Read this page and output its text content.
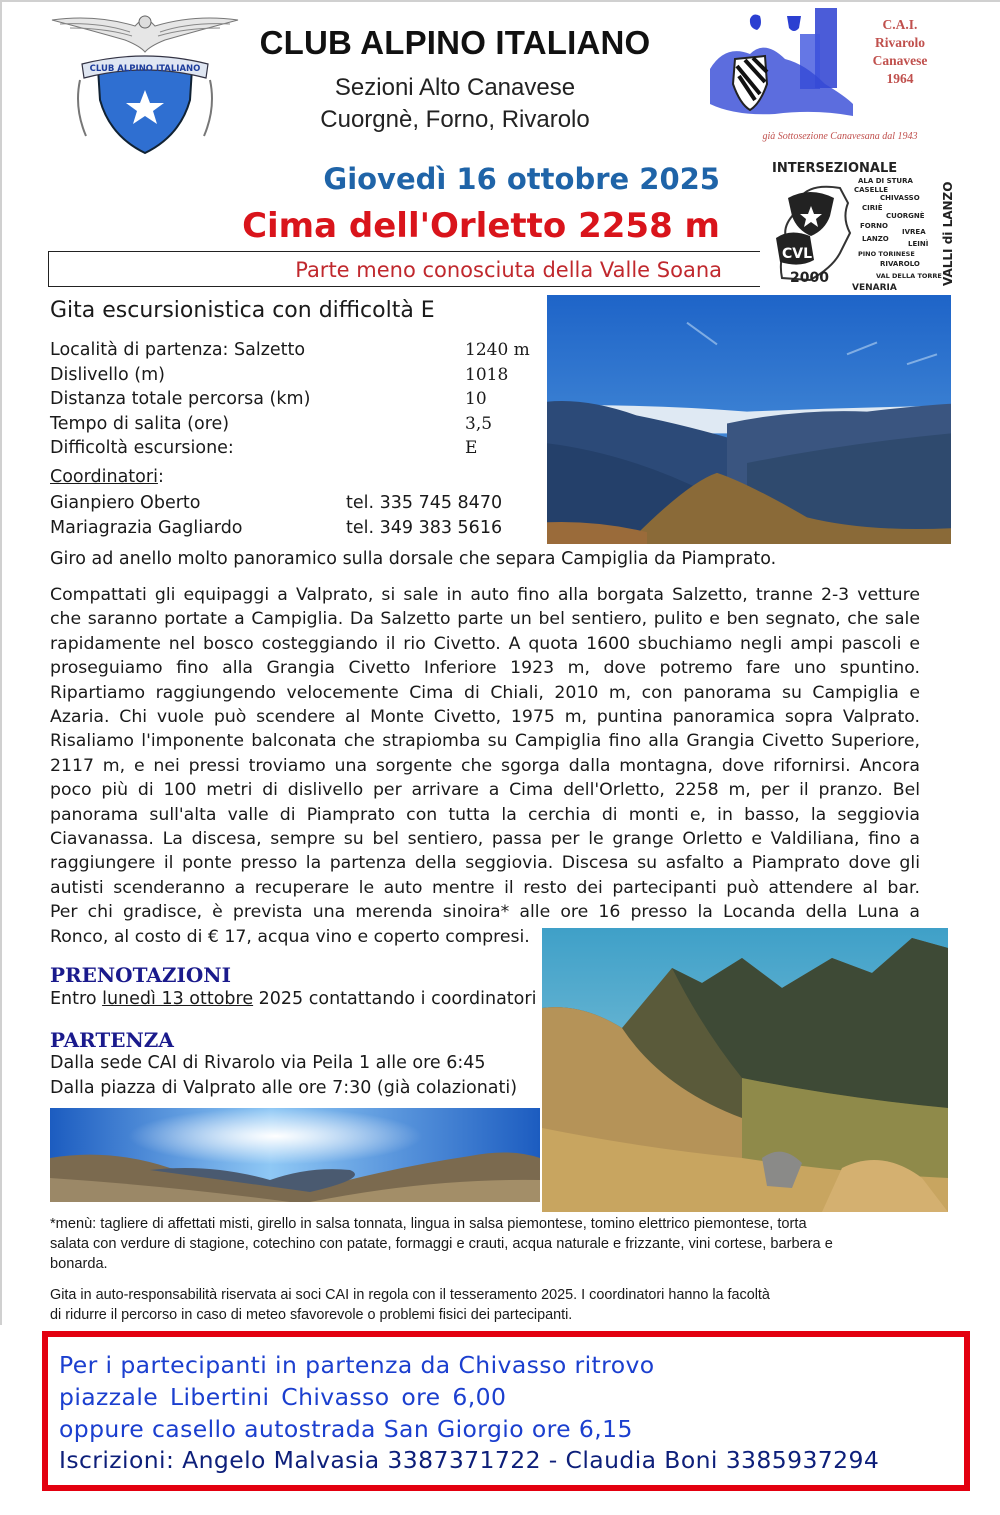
CLUB ALPINO ITALIANO
CLUB ALPINO ITALIANO
Sezioni Alto Canavese
Cuorgnè, Forno, Rivarolo
C.A.I.
Rivarolo
Canavese
1964
già Sottosezione Canavesana dal 1943
Giovedì 16 ottobre 2025
Cima dell'Orletto 2258 m
Parte meno conosciuta della Valle Soana
INTERSEZIONALE
CVL
2000
ALA DI STURA
CASELLE
CHIVASSO
CIRIÈ
CUORGNÈ
FORNO
IVREA
LANZO
LEINÌ
PINO TORINESE
RIVAROLO
VAL DELLA TORRE VALLI di LANZO
VENARIA
Gita escursionistica con difficoltà E
Località di partenza: Salzetto	1240 m
Dislivello (m)	1018
Distanza totale percorsa (km)	10
Tempo di salita (ore)	3,5
Difficoltà escursione:	E
Coordinatori:
Gianpiero Oberto	tel. 335 745 8470
Mariagrazia Gagliardo	tel. 349 383 5616
Giro ad anello molto panoramico sulla dorsale che separa Campiglia da Piamprato.
Compattati gli equipaggi a Valprato, si sale in auto fino alla borgata Salzetto, tranne 2-3 vetture
che saranno portate a Campiglia. Da Salzetto parte un bel sentiero, pulito e ben segnato, che sale
rapidamente nel bosco costeggiando il rio Civetto. A quota 1600 sbuchiamo negli ampi pascoli e
proseguiamo fino alla Grangia Civetto Inferiore 1923 m, dove potremo fare uno spuntino.
Ripartiamo raggiungendo velocemente Cima di Chiali, 2010 m, con panorama su Campiglia e
Azaria. Chi vuole può scendere al Monte Civetto, 1975 m, puntina panoramica sopra Valprato.
Risaliamo l'imponente balconata che strapiomba su Campiglia fino alla Grangia Civetto Superiore,
2117 m, e nei pressi troviamo una sorgente che sgorga dalla montagna, dove rifornirsi. Ancora
poco più di 100 metri di dislivello per arrivare a Cima dell'Orletto, 2258 m, per il pranzo. Bel
panorama sull'alta valle di Piamprato con tutta la cerchia di monti e, in basso, la seggiovia
Ciavanassa. La discesa, sempre su bel sentiero, passa per le grange Orletto e Valdiliana, fino a
raggiungere il ponte presso la partenza della seggiovia. Discesa su asfalto a Piamprato dove gli
autisti scenderanno a recuperare le auto mentre il resto dei partecipanti può attendere al bar.
Per chi gradisce, è prevista una merenda sinoira* alle ore 16 presso la Locanda della Luna a
Ronco, al costo di € 17, acqua vino e coperto compresi.
PRENOTAZIONI
Entro lunedì 13 ottobre 2025 contattando i coordinatori
PARTENZA
Dalla sede CAI di Rivarolo via Peila 1 alle ore 6:45
Dalla piazza di Valprato alle ore 7:30 (già colazionati)
*menù: tagliere di affettati misti, girello in salsa tonnata, lingua in salsa piemontese, tomino elettrico piemontese, torta
salata con verdure di stagione, cotechino con patate, formaggi e crauti, acqua naturale e frizzante, vini cortese, barbera e
bonarda.
Gita in auto-responsabilità riservata ai soci CAI in regola con il tesseramento 2025. I coordinatori hanno la facoltà
di ridurre il percorso in caso di meteo sfavorevole o problemi fisici dei partecipanti.
Per i partecipanti in partenza da Chivasso ritrovo
piazzale Libertini Chivasso ore 6,00
oppure casello autostrada San Giorgio ore 6,15
Iscrizioni: Angelo Malvasia 3387371722 - Claudia Boni 3385937294
